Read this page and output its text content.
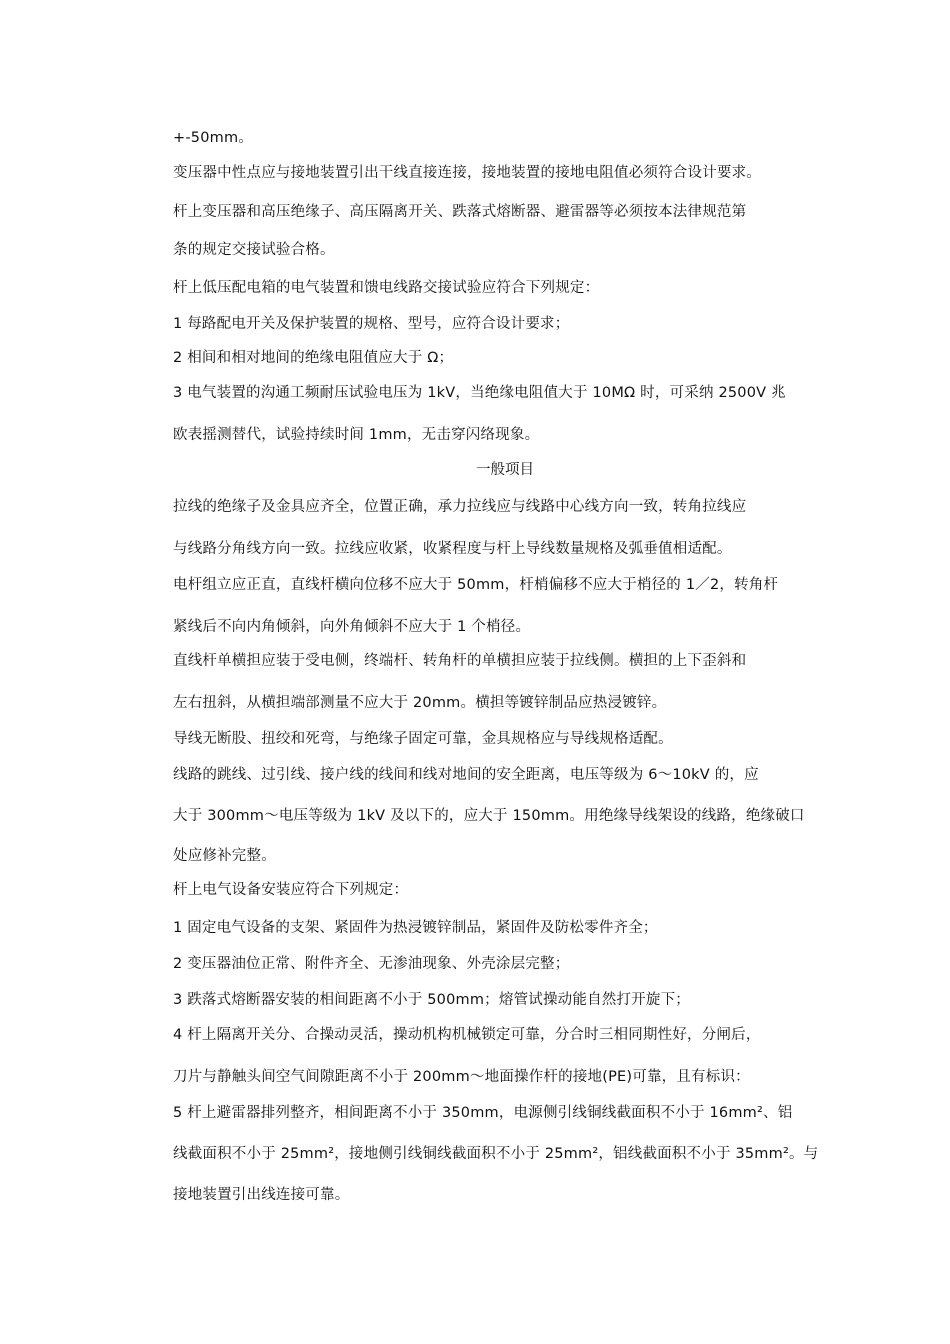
+-50mm。
变压器中性点应与接地装置引出干线直接连接，接地装置的接地电阻值必须符合设计要求。
杆上变压器和高压绝缘子、高压隔离开关、跌落式熔断器、避雷器等必须按本法律规范第
条的规定交接试验合格。
杆上低压配电箱的电气装置和馈电线路交接试验应符合下列规定：
1 每路配电开关及保护装置的规格、型号，应符合设计要求；
2 相间和相对地间的绝缘电阻值应大于 Ω；
3 电气装置的沟通工频耐压试验电压为 1kV，当绝缘电阻值大于 10MΩ 时，可采纳 2500V 兆
欧表摇测替代，试验持续时间 1mm，无击穿闪络现象。
一般项目
拉线的绝缘子及金具应齐全，位置正确，承力拉线应与线路中心线方向一致，转角拉线应
与线路分角线方向一致。拉线应收紧，收紧程度与杆上导线数量规格及弧垂值相适配。
电杆组立应正直，直线杆横向位移不应大于 50mm，杆梢偏移不应大于梢径的 1／2，转角杆
紧线后不向内角倾斜，向外角倾斜不应大于 1 个梢径。
直线杆单横担应装于受电侧，终端杆、转角杆的单横担应装于拉线侧。横担的上下歪斜和
左右扭斜，从横担端部测量不应大于 20mm。横担等镀锌制品应热浸镀锌。
导线无断股、扭绞和死弯，与绝缘子固定可靠，金具规格应与导线规格适配。
线路的跳线、过引线、接户线的线间和线对地间的安全距离，电压等级为 6～10kV 的，应
大于 300mm～电压等级为 1kV 及以下的，应大于 150mm。用绝缘导线架设的线路，绝缘破口
处应修补完整。
杆上电气设备安装应符合下列规定：
1 固定电气设备的支架、紧固件为热浸镀锌制品，紧固件及防松零件齐全；
2 变压器油位正常、附件齐全、无渗油现象、外壳涂层完整；
3 跌落式熔断器安装的相间距离不小于 500mm；熔管试操动能自然打开旋下；
4 杆上隔离开关分、合操动灵活，操动机构机械锁定可靠，分合时三相同期性好，分闸后，
刀片与静触头间空气间隙距离不小于 200mm～地面操作杆的接地(PE)可靠，且有标识：
5 杆上避雷器排列整齐，相间距离不小于 350mm，电源侧引线铜线截面积不小于 16mm²、铝
线截面积不小于 25mm²，接地侧引线铜线截面积不小于 25mm²，铝线截面积不小于 35mm²。与
接地装置引出线连接可靠。
